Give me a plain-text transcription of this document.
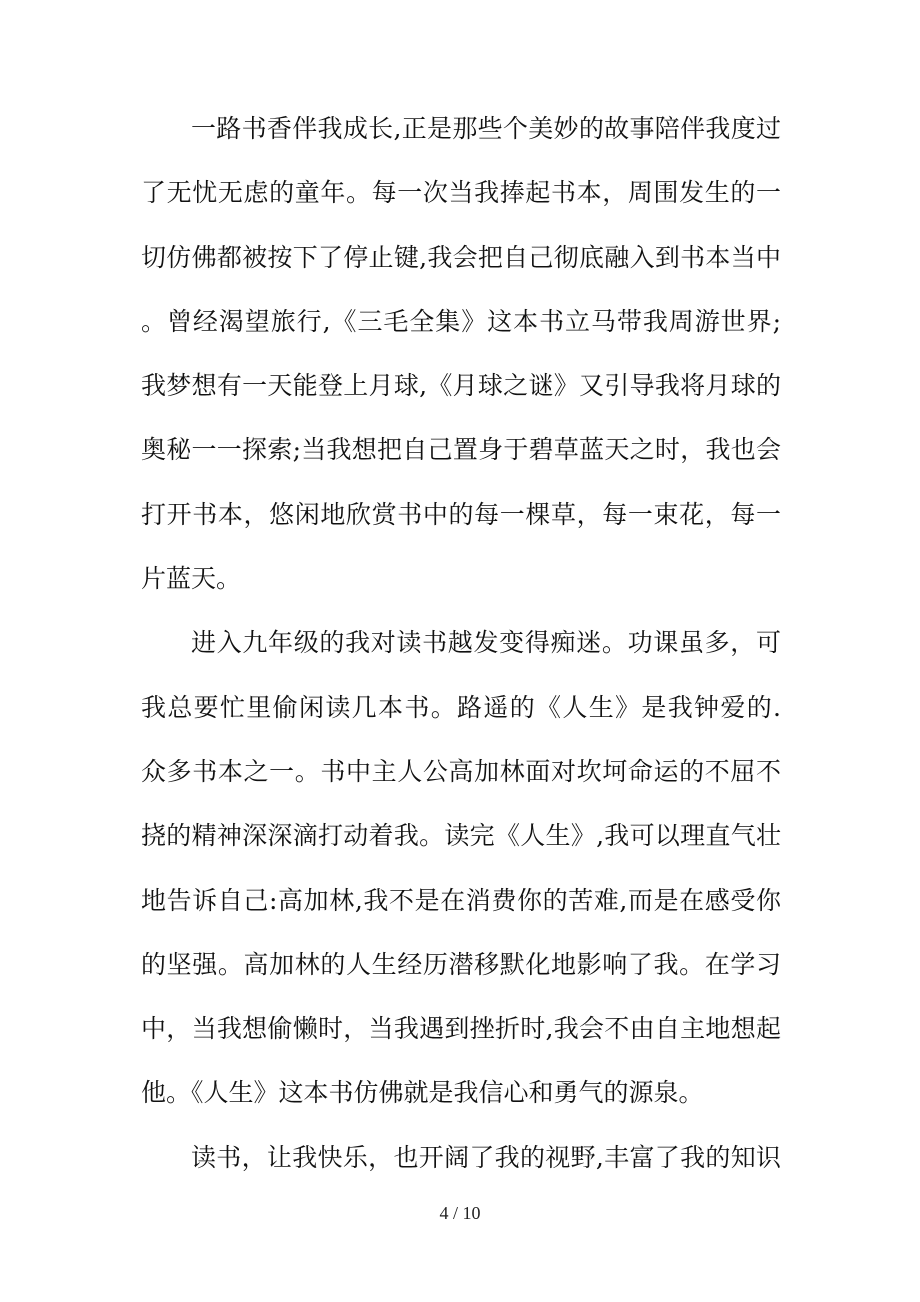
一路书香伴我成长,正是那些个美妙的故事陪伴我度过
了无忧无虑的童年。每一次当我捧起书本，周围发生的一
切仿佛都被按下了停止键,我会把自己彻底融入到书本当中
。曾经渴望旅行,《三毛全集》这本书立马带我周游世界;
我梦想有一天能登上月球,《月球之谜》又引导我将月球的
奥秘一一探索;当我想把自己置身于碧草蓝天之时，我也会
打开书本，悠闲地欣赏书中的每一棵草，每一束花，每一
片蓝天。
进入九年级的我对读书越发变得痴迷。功课虽多，可
我总要忙里偷闲读几本书。路遥的《人生》是我钟爱的.
众多书本之一。书中主人公高加林面对坎坷命运的不屈不
挠的精神深深滴打动着我。读完《人生》,我可以理直气壮
地告诉自己:高加林,我不是在消费你的苦难,而是在感受你
的坚强。高加林的人生经历潜移默化地影响了我。在学习
中，当我想偷懒时，当我遇到挫折时,我会不由自主地想起
他。《人生》这本书仿佛就是我信心和勇气的源泉。
读书，让我快乐，也开阔了我的视野,丰富了我的知识
4 / 10
